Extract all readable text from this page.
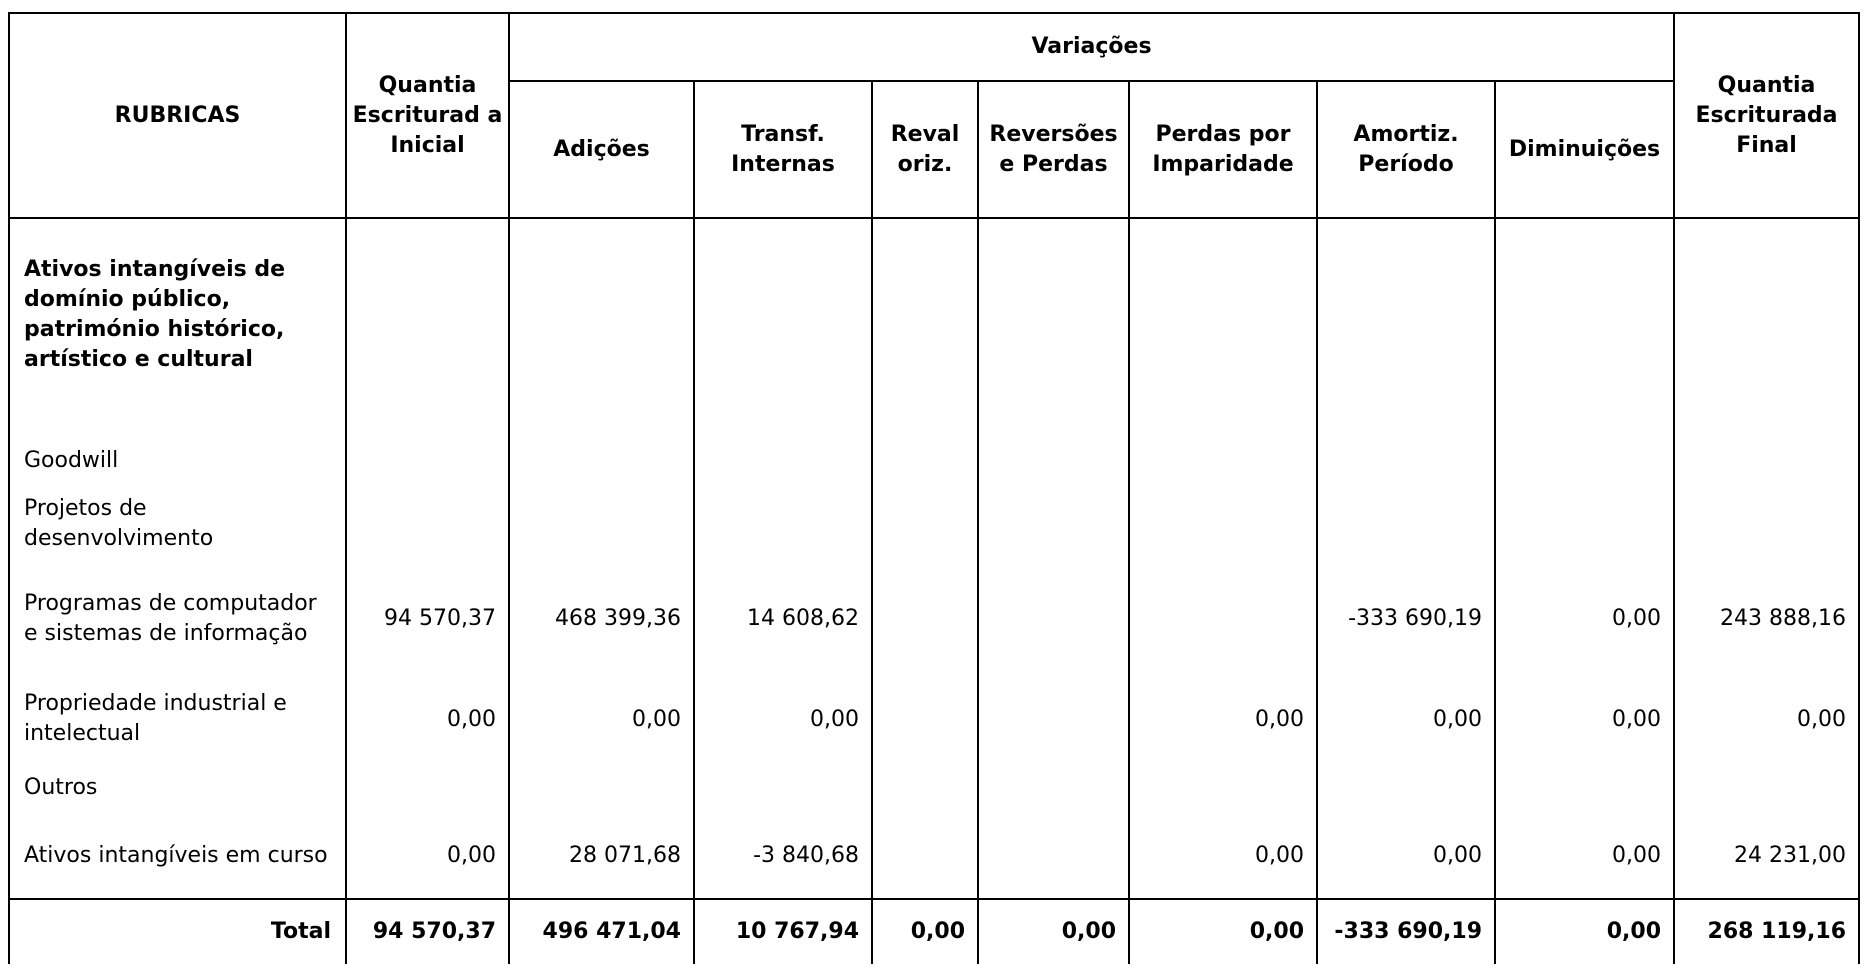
RUBRICAS	Quantia Escriturad a Inicial	Variações							Quantia Escriturada Final
		Adições	Transf. Internas	Reval oriz.	Reversões e Perdas	Perdas por Imparidade	Amortiz. Período	Diminuições	
Ativos intangíveis de domínio público, património histórico, artístico e cultural									
Goodwill									
Projetos de desenvolvimento									
Programas de computador e sistemas de informação	94 570,37	468 399,36	14 608,62				-333 690,19	0,00	243 888,16
Propriedade industrial e intelectual	0,00	0,00	0,00			0,00	0,00	0,00	0,00
Outros									
Ativos intangíveis em curso	0,00	28 071,68	-3 840,68			0,00	0,00	0,00	24 231,00
Total	94 570,37	496 471,04	10 767,94	0,00	0,00	0,00	-333 690,19	0,00	268 119,16
